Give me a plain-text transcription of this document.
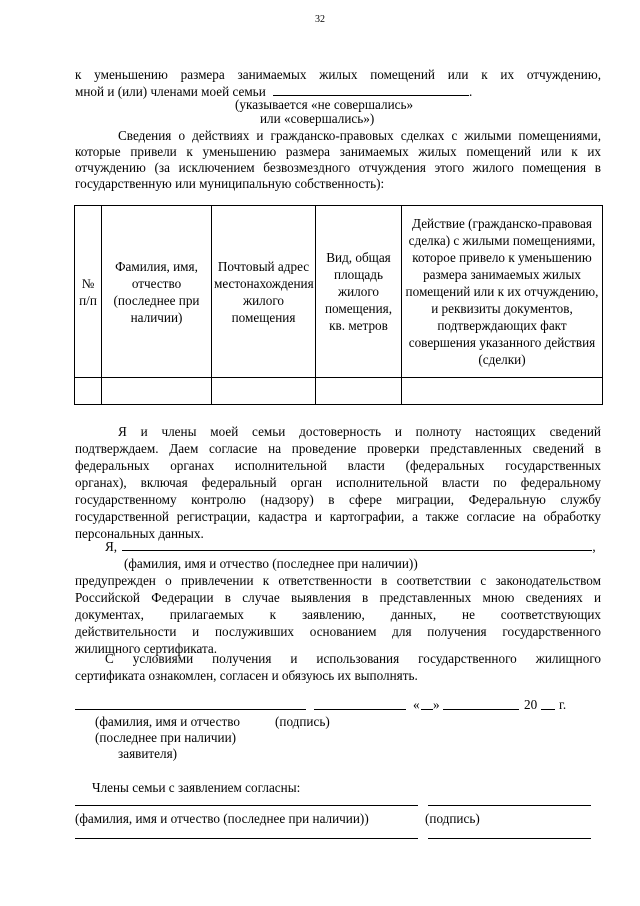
32
к уменьшению размера занимаемых жилых помещений или к их отчуждению,
мной и (или) членами моей семьи	.
(указывается «не совершались»
или «совершались»)
Сведения о действиях и гражданско-правовых сделках с жилыми помещениями,
которые привели к уменьшению размера занимаемых жилых помещений или к их
отчуждению (за исключением безвозмездного отчуждения этого жилого помещения в
государственную или муниципальную собственность):
№ п/п	Фамилия, имя, отчество (последнее при наличии)	Почтовый адрес местонахождения жилого помещения	Вид, общая площадь жилого помещения, кв. метров	Действие (гражданско-правовая сделка) с жилыми помещениями, которое привело к уменьшению размера занимаемых жилых помещений или к их отчуждению, и реквизиты документов, подтверждающих факт совершения указанного действия (сделки)

Я и члены моей семьи достоверность и полноту настоящих сведений
подтверждаем. Даем согласие на проведение проверки представленных сведений в
федеральных органах исполнительной власти (федеральных государственных
органах), включая федеральный орган исполнительной власти по федеральному
государственному контролю (надзору) в сфере миграции, Федеральную службу
государственной регистрации, кадастра и картографии, а также согласие на обработку
персональных данных.
Я,	,
(фамилия, имя и отчество (последнее при наличии))
предупрежден о привлечении к ответственности в соответствии с законодательством
Российской Федерации в случае выявления в представленных мною сведениях и
документах, прилагаемых к заявлению, данных, не соответствующих
действительности и послуживших основанием для получения государственного
жилищного сертификата.
С условиями получения и использования государственного жилищного
сертификата ознакомлен, согласен и обязуюсь их выполнять.
« »	20 г.
(фамилия, имя и отчество	(подпись)
(последнее при наличии)
заявителя)
Члены семьи с заявлением согласны:
(фамилия, имя и отчество (последнее при наличии))	(подпись)
